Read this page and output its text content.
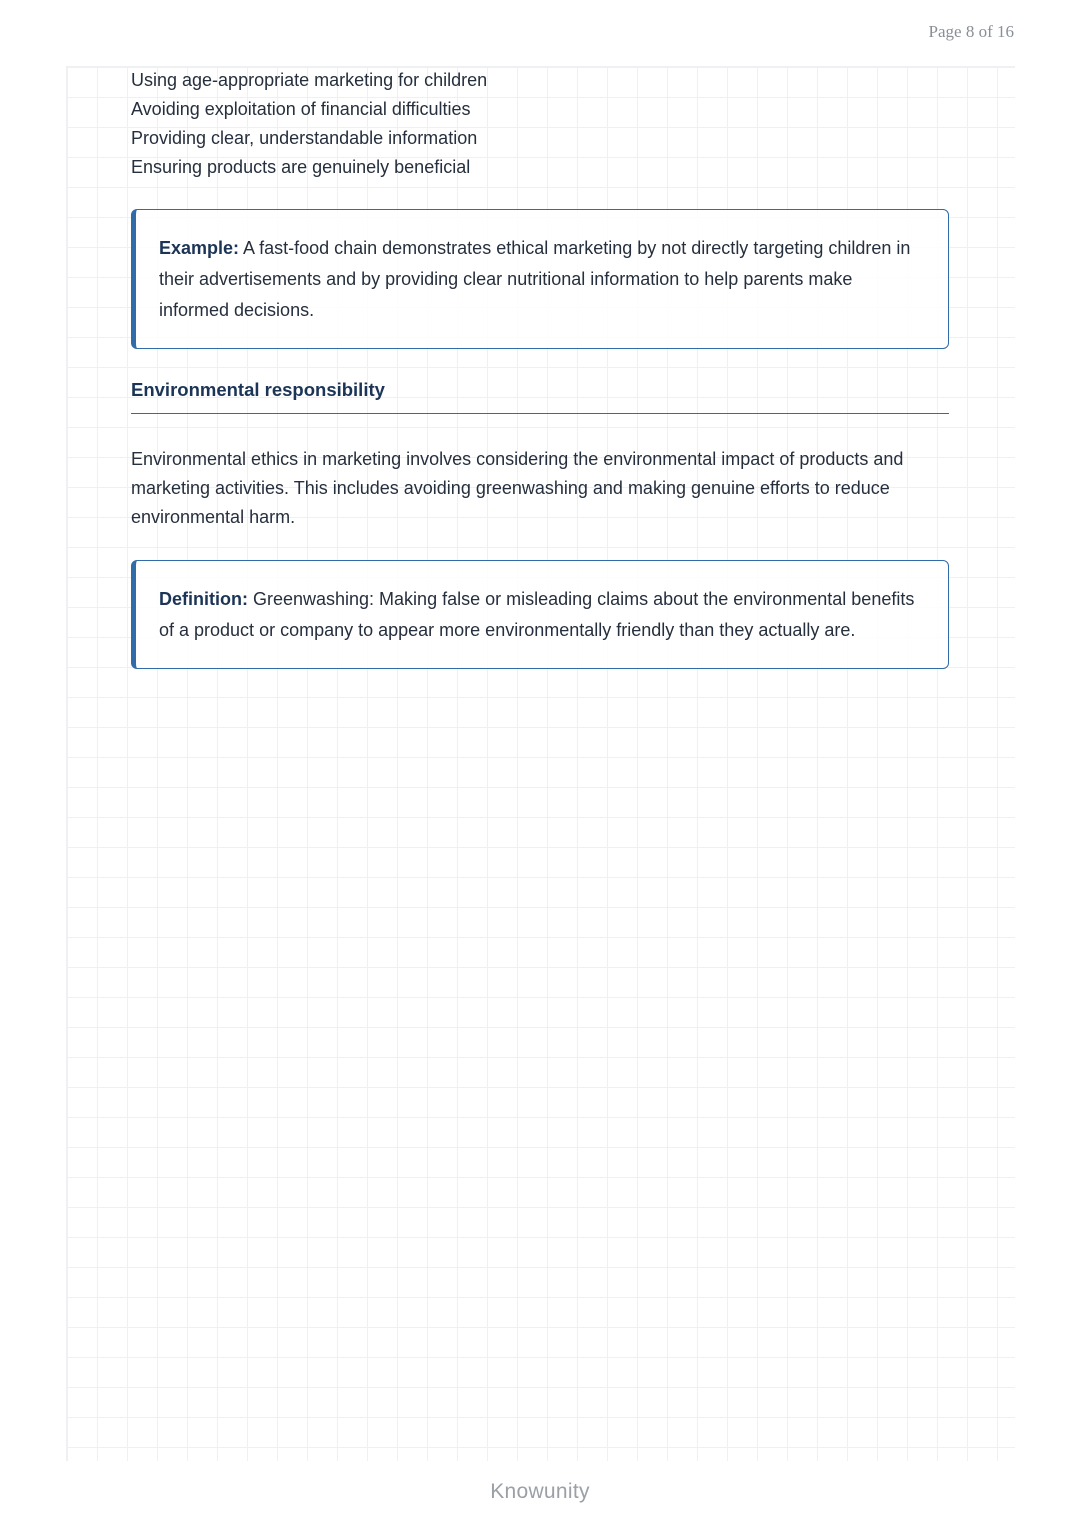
Page 8 of 16
Using age-appropriate marketing for children
Avoiding exploitation of financial difficulties
Providing clear, understandable information
Ensuring products are genuinely beneficial

Example: A fast-food chain demonstrates ethical marketing by not directly targeting children in their advertisements and by providing clear nutritional information to help parents make informed decisions.

Environmental responsibility

Environmental ethics in marketing involves considering the environmental impact of products and marketing activities. This includes avoiding greenwashing and making genuine efforts to reduce environmental harm.

Definition: Greenwashing: Making false or misleading claims about the environmental benefits of a product or company to appear more environmentally friendly than they actually are.

Knowunity
